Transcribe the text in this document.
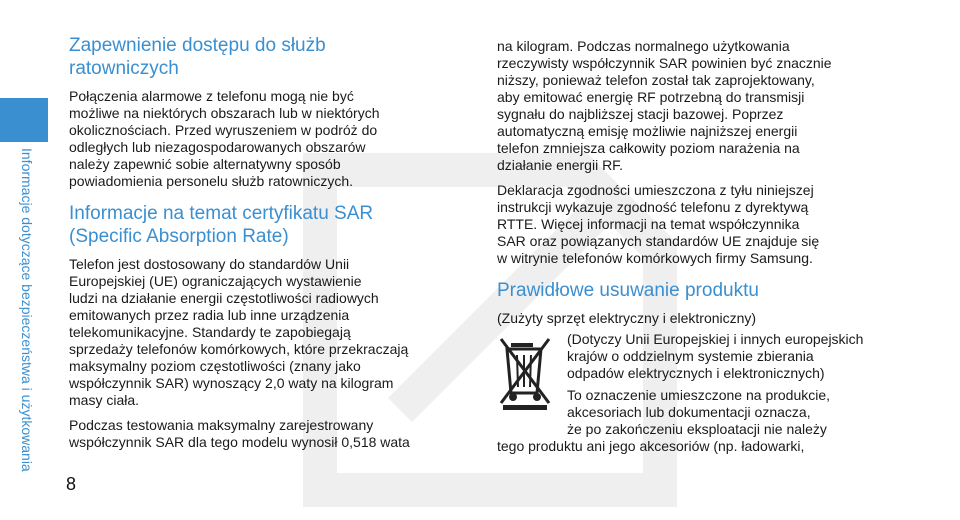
Informacje dotyczące bezpieczeństwa i użytkowania
8
Zapewnienie dostępu do służb
ratowniczych

Połączenia alarmowe z telefonu mogą nie być
możliwe na niektórych obszarach lub w niektórych
okolicznościach. Przed wyruszeniem w podróż do
odległych lub niezagospodarowanych obszarów
należy zapewnić sobie alternatywny sposób
powiadomienia personelu służb ratowniczych.

Informacje na temat certyfikatu SAR
(Specific Absorption Rate)

Telefon jest dostosowany do standardów Unii
Europejskiej (UE) ograniczających wystawienie
ludzi na działanie energii częstotliwości radiowych
emitowanych przez radia lub inne urządzenia
telekomunikacyjne. Standardy te zapobiegają
sprzedaży telefonów komórkowych, które przekraczają
maksymalny poziom częstotliwości (znany jako
współczynnik SAR) wynoszący 2,0 waty na kilogram
masy ciała.

Podczas testowania maksymalny zarejestrowany
współczynnik SAR dla tego modelu wynosił 0,518 wata

na kilogram. Podczas normalnego użytkowania
rzeczywisty współczynnik SAR powinien być znacznie
niższy, ponieważ telefon został tak zaprojektowany,
aby emitować energię RF potrzebną do transmisji
sygnału do najbliższej stacji bazowej. Poprzez
automatyczną emisję możliwie najniższej energii
telefon zmniejsza całkowity poziom narażenia na
działanie energii RF.

Deklaracja zgodności umieszczona z tyłu niniejszej
instrukcji wykazuje zgodność telefonu z dyrektywą
RTTE. Więcej informacji na temat współczynnika
SAR oraz powiązanych standardów UE znajduje się
w witrynie telefonów komórkowych firmy Samsung.

Prawidłowe usuwanie produktu

(Zużyty sprzęt elektryczny i elektroniczny)

(Dotyczy Unii Europejskiej i innych europejskich
krajów o oddzielnym systemie zbierania
odpadów elektrycznych i elektronicznych)

To oznaczenie umieszczone na produkcie,
akcesoriach lub dokumentacji oznacza,
że po zakończeniu eksploatacji nie należy

tego produktu ani jego akcesoriów (np. ładowarki,
